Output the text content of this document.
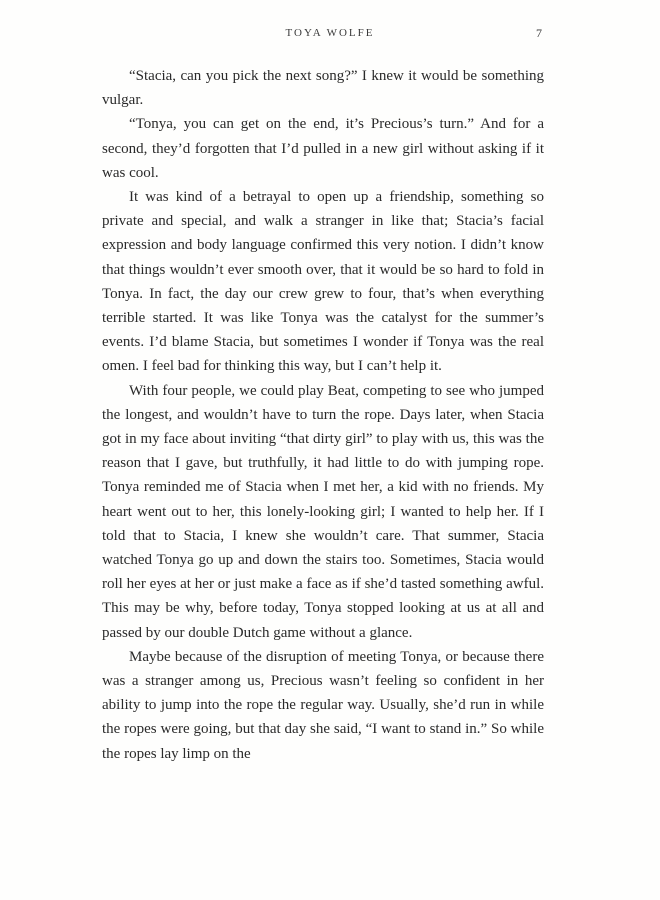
TOYA WOLFE	7

“Stacia, can you pick the next song?” I knew it would be something vulgar.

“Tonya, you can get on the end, it’s Precious’s turn.” And for a second, they’d forgotten that I’d pulled in a new girl without asking if it was cool.

It was kind of a betrayal to open up a friendship, something so private and special, and walk a stranger in like that; Stacia’s facial expression and body language confirmed this very notion. I didn’t know that things wouldn’t ever smooth over, that it would be so hard to fold in Tonya. In fact, the day our crew grew to four, that’s when everything terrible started. It was like Tonya was the catalyst for the summer’s events. I’d blame Stacia, but sometimes I wonder if Tonya was the real omen. I feel bad for thinking this way, but I can’t help it.

With four people, we could play Beat, competing to see who jumped the longest, and wouldn’t have to turn the rope. Days later, when Stacia got in my face about inviting “that dirty girl” to play with us, this was the reason that I gave, but truthfully, it had little to do with jumping rope. Tonya reminded me of Stacia when I met her, a kid with no friends. My heart went out to her, this lonely-looking girl; I wanted to help her. If I told that to Stacia, I knew she wouldn’t care. That summer, Stacia watched Tonya go up and down the stairs too. Sometimes, Stacia would roll her eyes at her or just make a face as if she’d tasted something awful. This may be why, before today, Tonya stopped looking at us at all and passed by our double Dutch game without a glance.

Maybe because of the disruption of meeting Tonya, or because there was a stranger among us, Precious wasn’t feeling so confident in her ability to jump into the rope the regular way. Usually, she’d run in while the ropes were going, but that day she said, “I want to stand in.” So while the ropes lay limp on the
